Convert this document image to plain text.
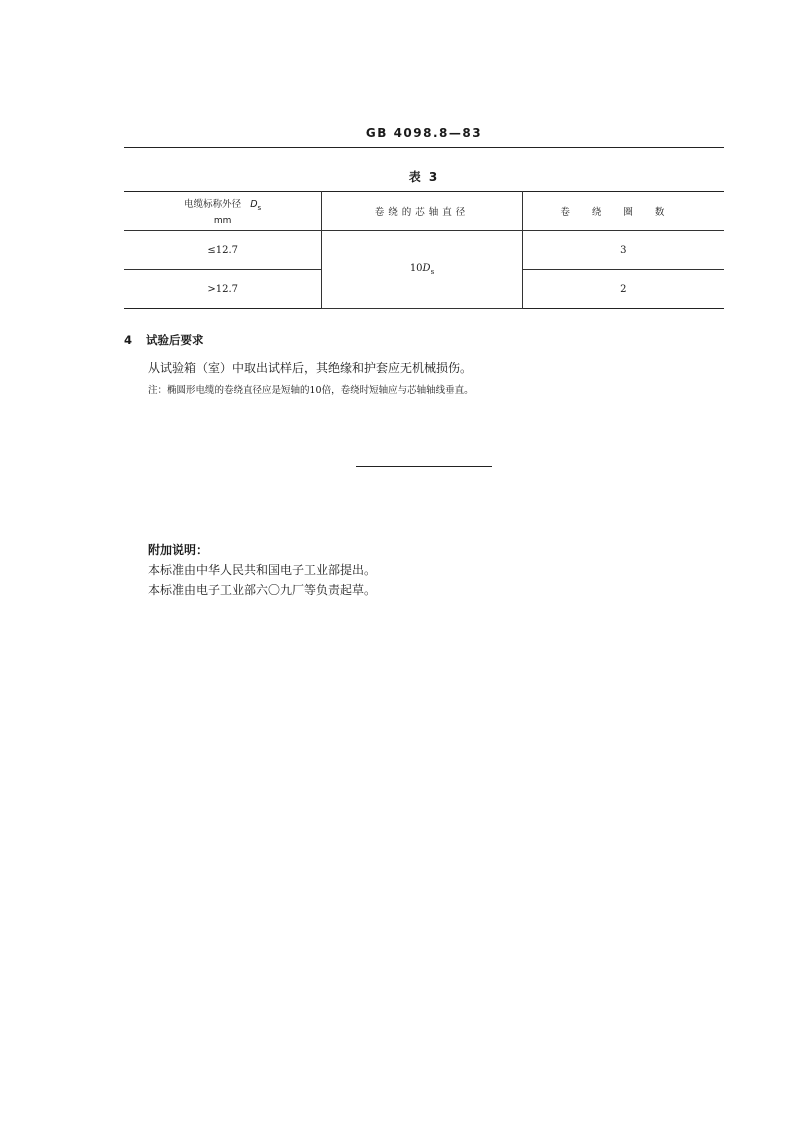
GB 4098.8—83
表 3
电缆标称外径 $D_s$
mm	卷绕的芯轴直径	卷绕圈数
≤12.7	$10D_s$	3
>12.7		2
4 试验后要求
从试验箱（室）中取出试样后，其绝缘和护套应无机械损伤。
注：椭圆形电缆的卷绕直径应是短轴的10倍，卷绕时短轴应与芯轴轴线垂直。
附加说明：
本标准由中华人民共和国电子工业部提出。
本标准由电子工业部六〇九厂等负责起草。
